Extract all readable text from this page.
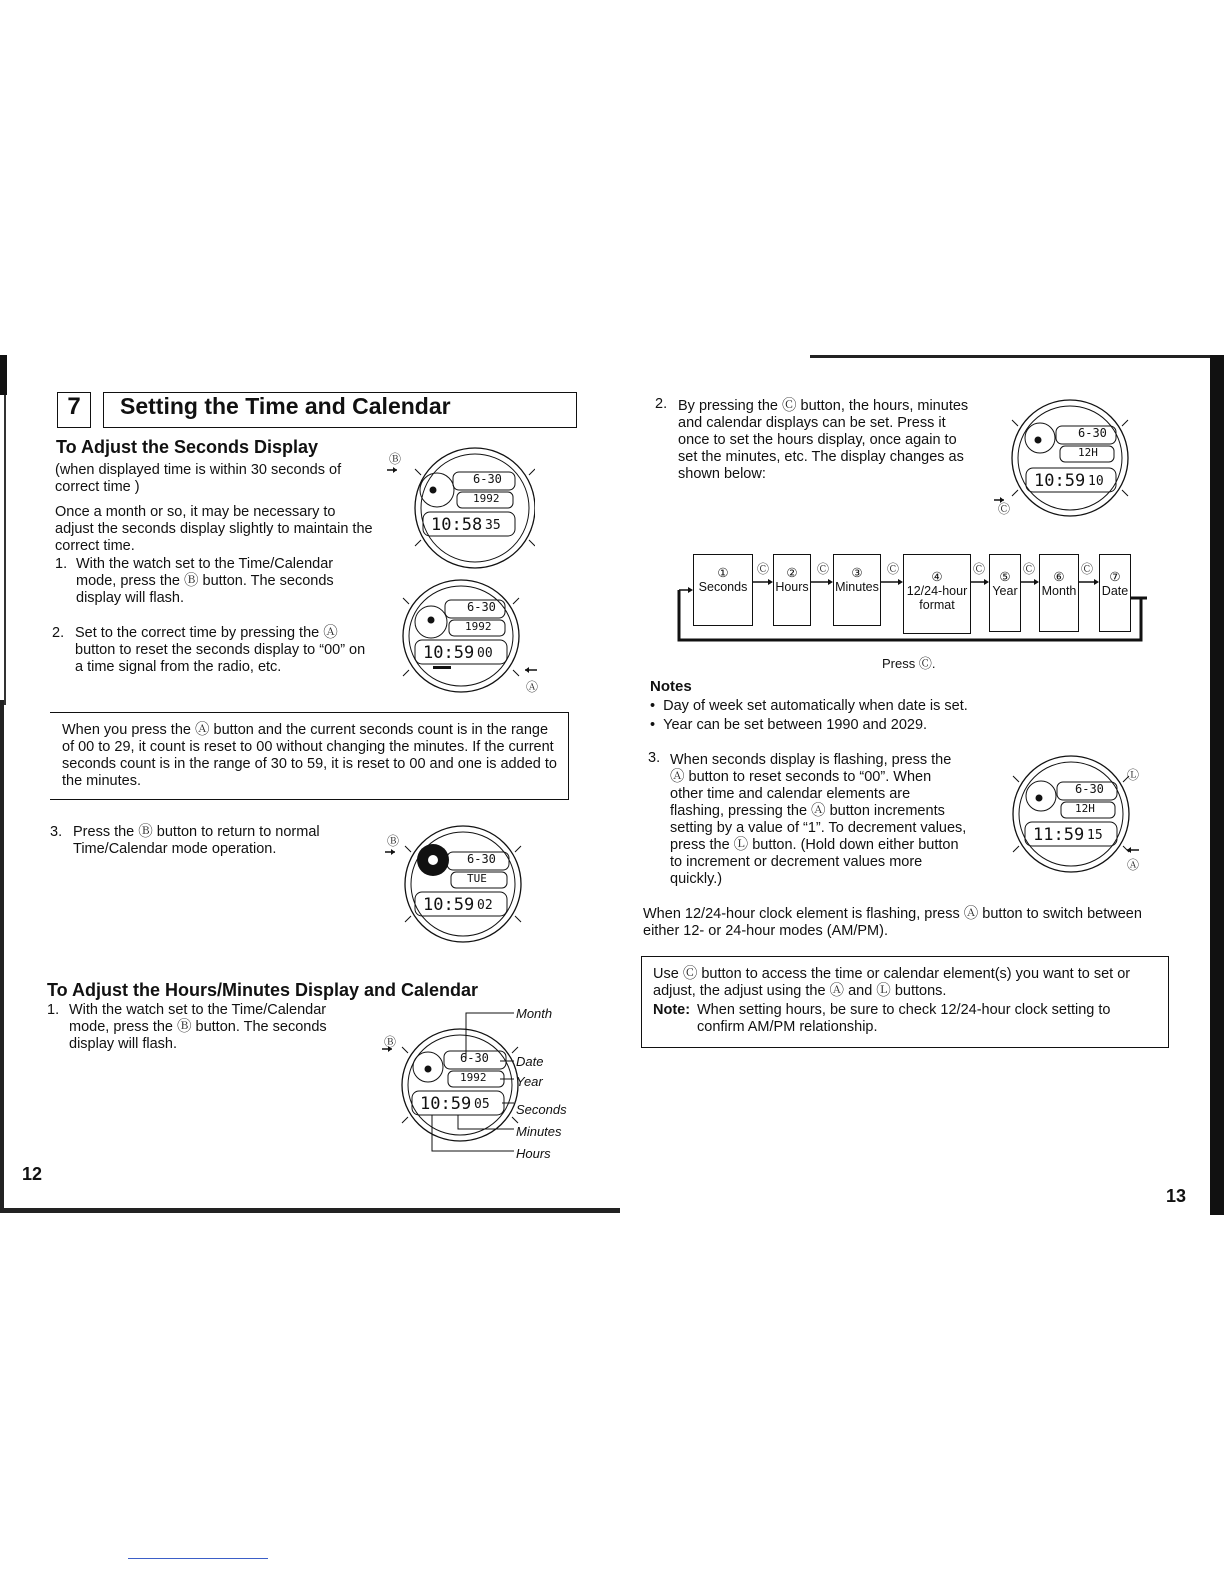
7	Setting the Time and Calendar
To Adjust the Seconds Display
(when displayed time is within 30 seconds of correct time )
Once a month or so, it may be necessary to adjust the seconds display slightly to maintain the correct time.
1. With the watch set to the Time/Calendar mode, press the Ⓑ button. The seconds display will flash.
2. Set to the correct time by pressing the Ⓐ button to reset the seconds display to “00” on a time signal from the radio, etc.
Ⓑ
6-30
1992
10:58 35
Ⓐ
6-30
1992
10:59 00
When you press the Ⓐ button and the current seconds count is in the range of 00 to 29, it count is reset to 00 without changing the minutes. If the current seconds count is in the range of 30 to 59, it is reset to 00 and one is added to the minutes.
3. Press the Ⓑ button to return to normal Time/Calendar mode operation.	Ⓑ
6-30
TUE
10:59 02
To Adjust the Hours/Minutes Display and Calendar
1. With the watch set to the Time/Calendar mode, press the Ⓑ button. The seconds display will flash.	Ⓑ
6-30
1992
10:59 05
Month
Date
Year
Seconds
Minutes
Hours
12
2. By pressing the Ⓒ button, the hours, minutes and calendar displays can be set. Press it once to set the hours display, once again to set the minutes, etc. The display changes as shown below:
Ⓒ
6-30
12H
10:59 10
①
Seconds
Ⓒ	②
Hours
Ⓒ	③
Minutes
Ⓒ
④
12/24-hour format
Ⓒ
⑤
Year
Ⓒ
⑥
Month
Ⓒ
⑦
Date
Press Ⓒ.
Notes
•  Day of week set automatically when date is set.
•  Year can be set between 1990 and 2029.
3. When seconds display is flashing, press the Ⓐ button to reset seconds to “00”. When other time and calendar elements are flashing, pressing the Ⓐ button increments setting by a value of “1”. To decrement values, press the Ⓛ button. (Hold down either button to increment or decrement values more quickly.)
Ⓛ
Ⓐ
6-30
12H
11:59 15
When 12/24-hour clock element is flashing, press Ⓐ button to switch between either 12- or 24-hour modes (AM/PM).
Use Ⓒ button to access the time or calendar element(s) you want to set or adjust, the adjust using the Ⓐ and Ⓛ buttons.
Note: When setting hours, be sure to check 12/24-hour clock setting to confirm AM/PM relationship.
13
